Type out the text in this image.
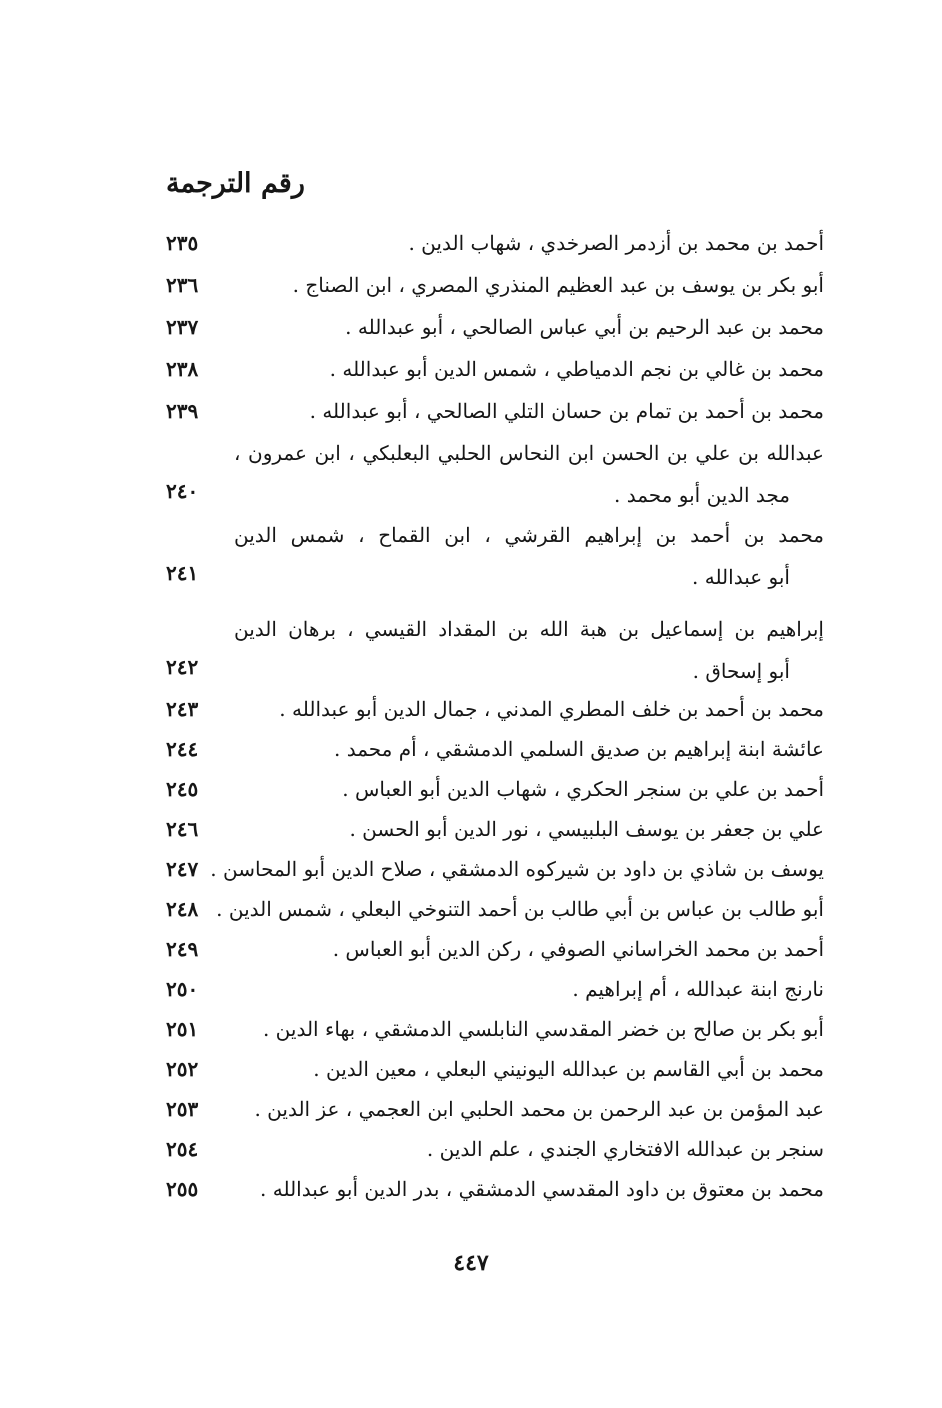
رقم الترجمة
أحمد بن محمد بن أزدمر الصرخدي ، شهاب الدين .
٢٣٥
أبو بكر بن يوسف بن عبد العظيم المنذري المصري ، ابن الصناج .
٢٣٦
محمد بن عبد الرحيم بن أبي عباس الصالحي ، أبو عبدالله .
٢٣٧
محمد بن غالي بن نجم الدمياطي ، شمس الدين أبو عبدالله .
٢٣٨
محمد بن أحمد بن تمام بن حسان التلي الصالحي ، أبو عبدالله .
٢٣٩
عبدالله بن علي بن الحسن ابن النحاس الحلبي البعلبكي ، ابن عمرون ،
مجد الدين أبو محمد .
٢٤٠
محمد بن أحمد بن إبراهيم القرشي ، ابن القماح ، شمس الدين
أبو عبدالله .
٢٤١
إبراهيم بن إسماعيل بن هبة الله بن المقداد القيسي ، برهان الدين
أبو إسحاق .
٢٤٢
محمد بن أحمد بن خلف المطري المدني ، جمال الدين أبو عبدالله .
٢٤٣
عائشة ابنة إبراهيم بن صديق السلمي الدمشقي ، أم محمد .
٢٤٤
أحمد بن علي بن سنجر الحكري ، شهاب الدين أبو العباس .
٢٤٥
علي بن جعفر بن يوسف البلبيسي ، نور الدين أبو الحسن .
٢٤٦
يوسف بن شاذي بن داود بن شيركوه الدمشقي ، صلاح الدين أبو المحاسن .
٢٤٧
أبو طالب بن عباس بن أبي طالب بن أحمد التنوخي البعلي ، شمس الدين .
٢٤٨
أحمد بن محمد الخراساني الصوفي ، ركن الدين أبو العباس .
٢٤٩
نارنج ابنة عبدالله ، أم إبراهيم .
٢٥٠
أبو بكر بن صالح بن خضر المقدسي النابلسي الدمشقي ، بهاء الدين .
٢٥١
محمد بن أبي القاسم بن عبدالله اليونيني البعلي ، معين الدين .
٢٥٢
عبد المؤمن بن عبد الرحمن بن محمد الحلبي ابن العجمي ، عز الدين .
٢٥٣
سنجر بن عبدالله الافتخاري الجندي ، علم الدين .
٢٥٤
محمد بن معتوق بن داود المقدسي الدمشقي ، بدر الدين أبو عبدالله .
٢٥٥
٤٤٧
